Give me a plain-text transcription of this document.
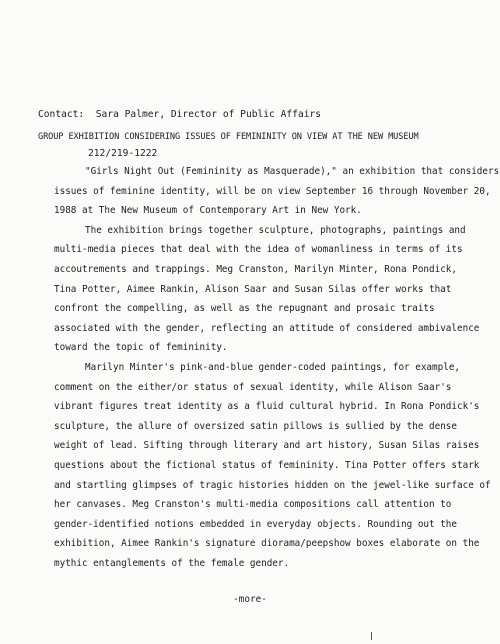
Contact: Sara Palmer, Director of Public Affairs

212/219-1222

GROUP EXHIBITION CONSIDERING ISSUES OF FEMININITY ON VIEW AT THE NEW MUSEUM

"Girls Night Out (Femininity as Masquerade)," an exhibition that considers
issues of feminine identity, will be on view September 16 through November 20,
1988 at The New Museum of Contemporary Art in New York.

The exhibition brings together sculpture, photographs, paintings and
multi-media pieces that deal with the idea of womanliness in terms of its
accoutrements and trappings. Meg Cranston, Marilyn Minter, Rona Pondick,
Tina Potter, Aimee Rankin, Alison Saar and Susan Silas offer works that
confront the compelling, as well as the repugnant and prosaic traits
associated with the gender, reflecting an attitude of considered ambivalence
toward the topic of femininity.

Marilyn Minter's pink-and-blue gender-coded paintings, for example,
comment on the either/or status of sexual identity, while Alison Saar's
vibrant figures treat identity as a fluid cultural hybrid. In Rona Pondick's
sculpture, the allure of oversized satin pillows is sullied by the dense
weight of lead. Sifting through literary and art history, Susan Silas raises
questions about the fictional status of femininity. Tina Potter offers stark
and startling glimpses of tragic histories hidden on the jewel-like surface of
her canvases. Meg Cranston's multi-media compositions call attention to
gender-identified notions embedded in everyday objects. Rounding out the
exhibition, Aimee Rankin's signature diorama/peepshow boxes elaborate on the
mythic entanglements of the female gender.

-more-
